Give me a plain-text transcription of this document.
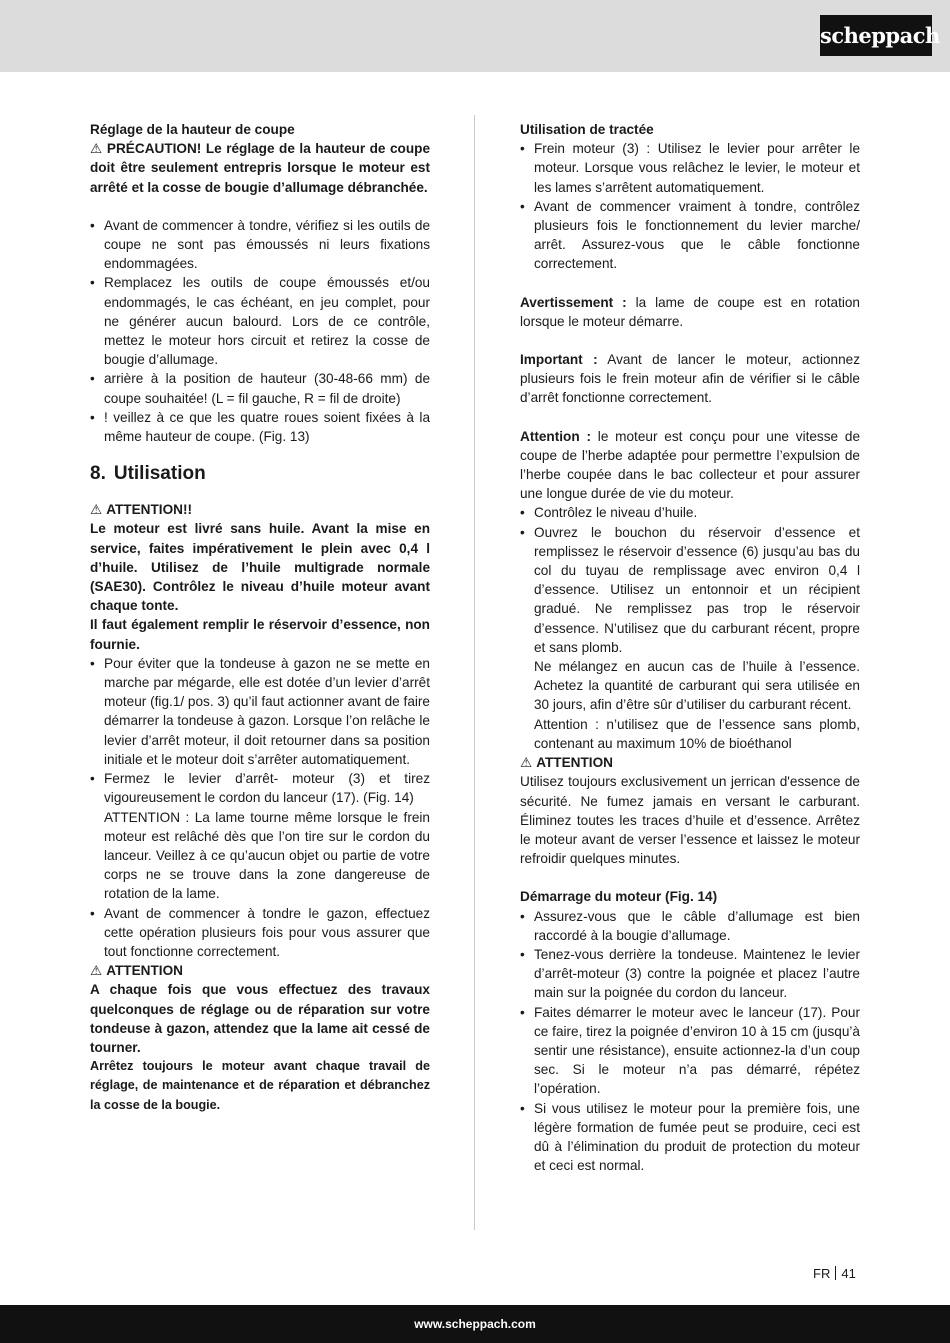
scheppach

Réglage de la hauteur de coupe

⚠ PRÉCAUTION! Le réglage de la hauteur de coupe doit être seulement entrepris lorsque le moteur est arrêté et la cosse de bougie d’allumage débranchée.

• Avant de commencer à tondre, vérifiez si les outils de coupe ne sont pas émoussés ni leurs fixations endommagées.
• Remplacez les outils de coupe émoussés et/ou endommagés, le cas échéant, en jeu complet, pour ne générer aucun balourd. Lors de ce contrôle, mettez le moteur hors circuit et retirez la cosse de bougie d’allumage.
• arrière à la position de hauteur (30-48-66 mm) de coupe souhaitée! (L = fil gauche, R = fil de droite)
• ! veillez à ce que les quatre roues soient fixées à la même hauteur de coupe. (Fig. 13)
8. Utilisation

⚠ ATTENTION!!

Le moteur est livré sans huile. Avant la mise en service, faites impérativement le plein avec 0,4 l d’huile. Utilisez de l’huile multigrade normale (SAE30). Contrôlez le niveau d’huile moteur avant chaque tonte.

Il faut également remplir le réservoir d’essence, non fournie.

• Pour éviter que la tondeuse à gazon ne se mette en marche par mégarde, elle est dotée d’un levier d’arrêt moteur (fig.1/ pos. 3) qu’il faut actionner avant de faire démarrer la tondeuse à gazon. Lorsque l’on relâche le levier d’arrêt moteur, il doit retourner dans sa position initiale et le moteur doit s’arrêter automatiquement.
• Fermez le levier d’arrêt- moteur (3) et tirez vigoureusement le cordon du lanceur (17). (Fig. 14)

ATTENTION : La lame tourne même lorsque le frein moteur est relâché dès que l’on tire sur le cordon du lanceur. Veillez à ce qu’aucun objet ou partie de votre corps ne se trouve dans la zone dangereuse de rotation de la lame.

• Avant de commencer à tondre le gazon, effectuez cette opération plusieurs fois pour vous assurer que tout fonctionne correctement.

⚠ ATTENTION

A chaque fois que vous effectuez des travaux quelconques de réglage ou de réparation sur votre tondeuse à gazon, attendez que la lame ait cessé de tourner.

Arrêtez toujours le moteur avant chaque travail de réglage, de maintenance et de réparation et débranchez la cosse de la bougie.

Utilisation de tractée

• Frein moteur (3) : Utilisez le levier pour arrêter le moteur. Lorsque vous relâchez le levier, le moteur et les lames s’arrêtent automatiquement.
• Avant de commencer vraiment à tondre, contrôlez plusieurs fois le fonctionnement du levier marche/ arrêt. Assurez-vous que le câble fonctionne correctement.

Avertissement : la lame de coupe est en rotation lorsque le moteur démarre.

Important : Avant de lancer le moteur, actionnez plusieurs fois le frein moteur afin de vérifier si le câble d’arrêt fonctionne correctement.

Attention : le moteur est conçu pour une vitesse de coupe de l’herbe adaptée pour permettre l’expulsion de l’herbe coupée dans le bac collecteur et pour assurer une longue durée de vie du moteur.

• Contrôlez le niveau d’huile.
• Ouvrez le bouchon du réservoir d’essence et remplissez le réservoir d’essence (6) jusqu’au bas du col du tuyau de remplissage avec environ 0,4 l d’essence. Utilisez un entonnoir et un récipient gradué. Ne remplissez pas trop le réservoir d’essence. N’utilisez que du carburant récent, propre et sans plomb.

Ne mélangez en aucun cas de l’huile à l’essence. Achetez la quantité de carburant qui sera utilisée en 30 jours, afin d’être sûr d’utiliser du carburant récent.

Attention : n’utilisez que de l’essence sans plomb, contenant au maximum 10% de bioéthanol

⚠ ATTENTION

Utilisez toujours exclusivement un jerrican d'essence de sécurité. Ne fumez jamais en versant le carburant. Éliminez toutes les traces d’huile et d’essence. Arrêtez le moteur avant de verser l’essence et laissez le moteur refroidir quelques minutes.

Démarrage du moteur (Fig. 14)

• Assurez-vous que le câble d’allumage est bien raccordé à la bougie d’allumage.
• Tenez-vous derrière la tondeuse. Maintenez le levier d’arrêt-moteur (3) contre la poignée et placez l’autre main sur la poignée du cordon du lanceur.
• Faites démarrer le moteur avec le lanceur (17). Pour ce faire, tirez la poignée d’environ 10 à 15 cm (jusqu’à sentir une résistance), ensuite actionnez-la d’un coup sec. Si le moteur n’a pas démarré, répétez l’opération.
• Si vous utilisez le moteur pour la première fois, une légère formation de fumée peut se produire, ceci est dû à l’élimination du produit de protection du moteur et ceci est normal.
FR 41
www.scheppach.com
